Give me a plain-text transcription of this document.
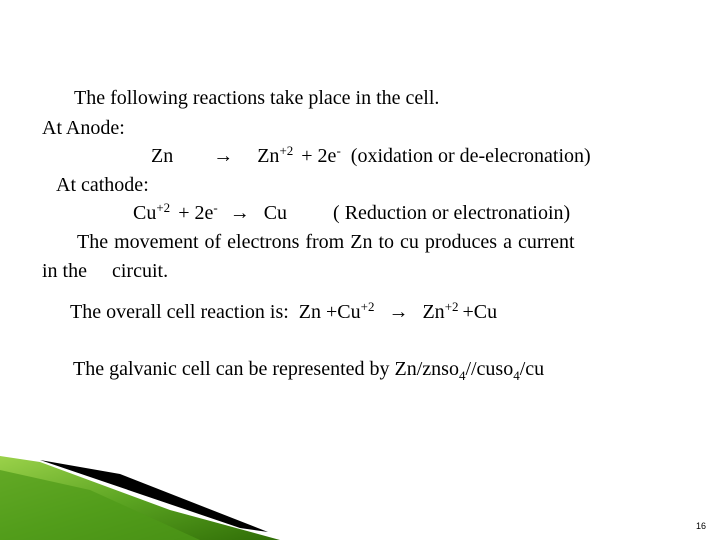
The following reactions take place in the cell.
At Anode:
$Zn \to Zn^{+2} + 2e^-$ (oxidation or de-elecronation)
At cathode:
$Cu^{+2} + 2e^- \to Cu$ ( Reduction or electronatioin)
The movement of electrons from Zn to cu produces a current
in the     circuit.
The overall cell reaction is:  $Zn +Cu^{+2} \to Zn^{+2} +Cu$
The galvanic cell can be represented by Zn/znso$_4$//cuso$_4$/cu
16
